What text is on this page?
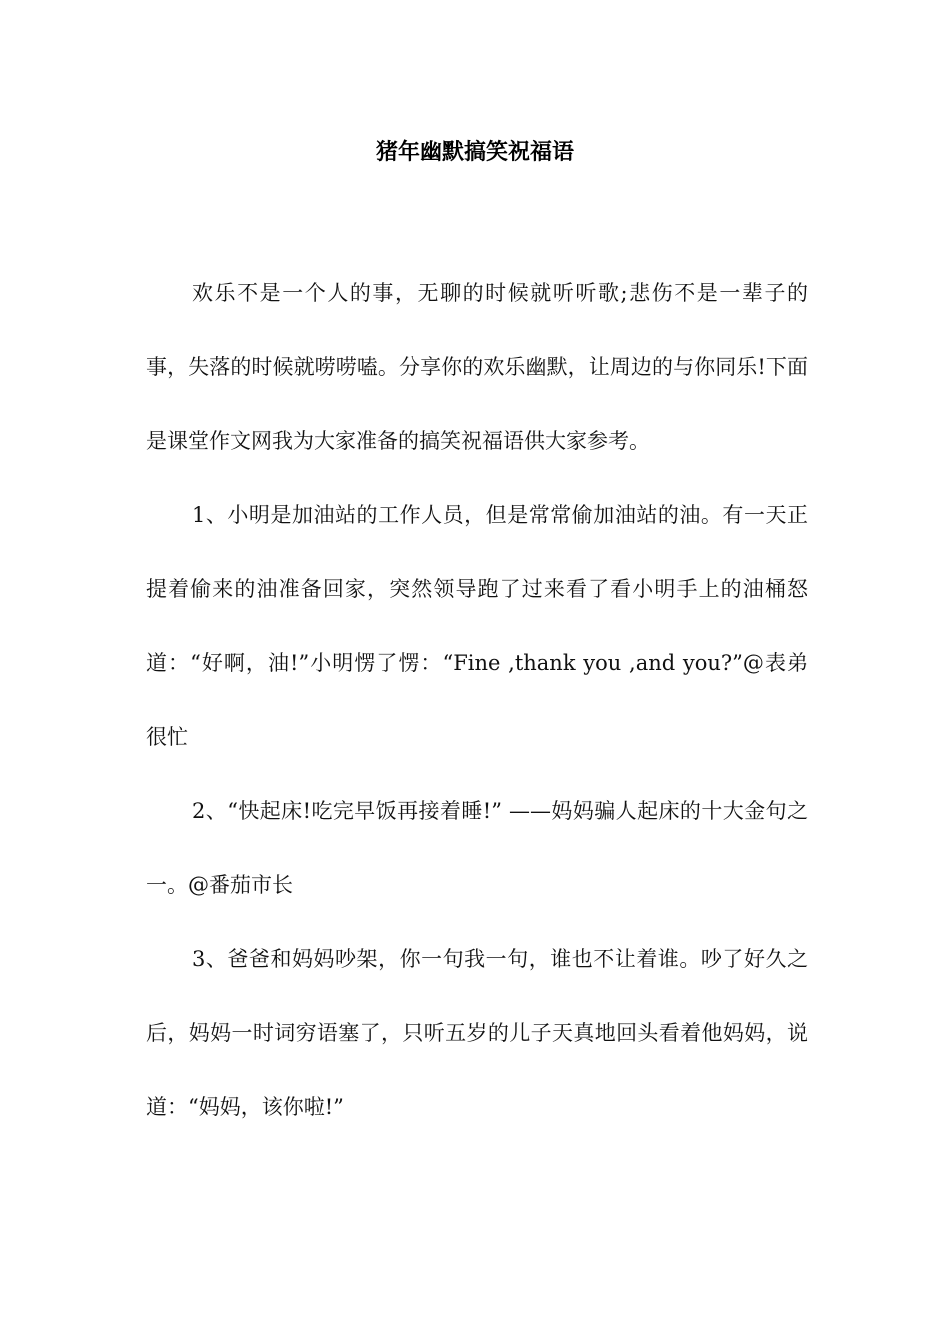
猪年幽默搞笑祝福语

欢乐不是一个人的事，无聊的时候就听听歌;悲伤不是一辈子的事，失落的时候就唠唠嗑。分享你的欢乐幽默，让周边的与你同乐!下面是课堂作文网我为大家准备的搞笑祝福语供大家参考。

1、小明是加油站的工作人员，但是常常偷加油站的油。有一天正提着偷来的油准备回家，突然领导跑了过来看了看小明手上的油桶怒道：“好啊，油!”小明愣了愣：“Fine ,thank you ,and you?”@表弟很忙

2、“快起床!吃完早饭再接着睡!” ——妈妈骗人起床的十大金句之一。@番茄市长

3、爸爸和妈妈吵架，你一句我一句，谁也不让着谁。吵了好久之后，妈妈一时词穷语塞了，只听五岁的儿子天真地回头看着他妈妈，说道：“妈妈，该你啦!”
